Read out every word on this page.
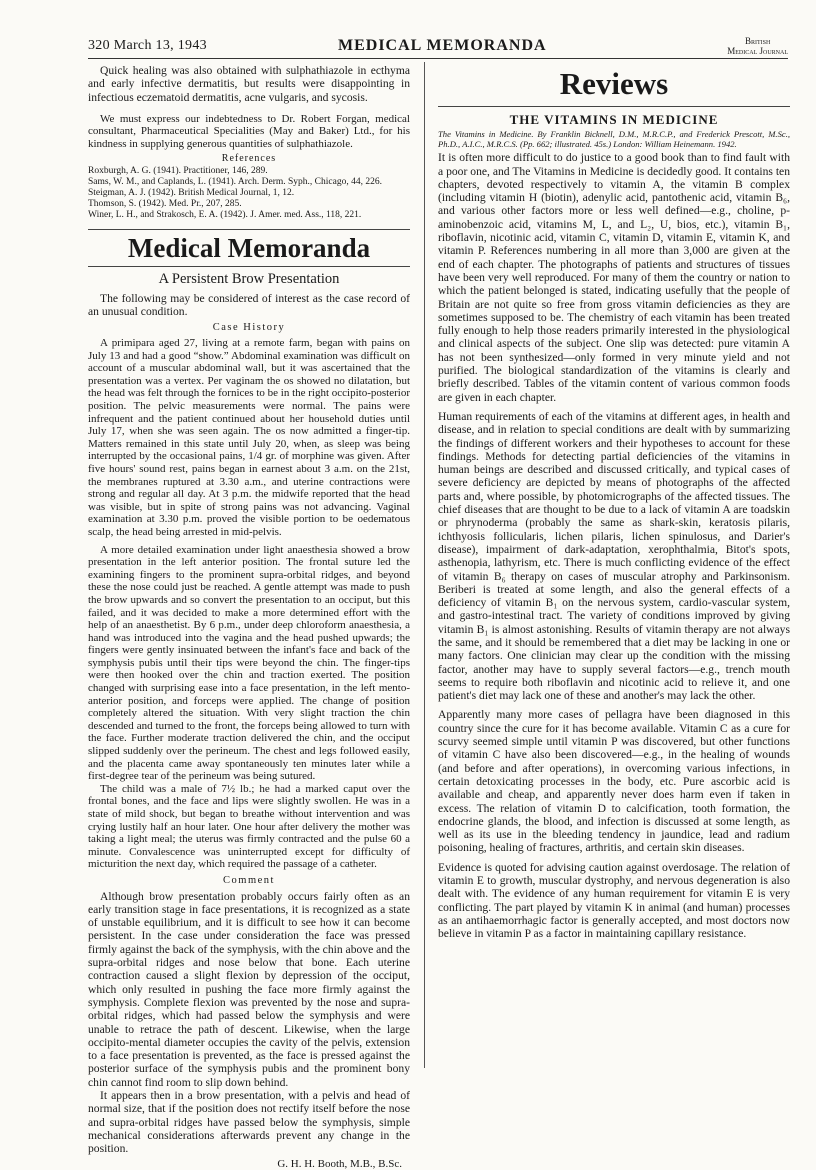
320 March 13, 1943	MEDICAL MEMORANDA	British
Medical Journal

Quick healing was also obtained with sulphathiazole in ecthyma and early infective dermatitis, but results were disappointing in infectious eczematoid dermatitis, acne vulgaris, and sycosis.

We must express our indebtedness to Dr. Robert Forgan, medical consultant, Pharmaceutical Specialities (May and Baker) Ltd., for his kindness in supplying generous quantities of sulphathiazole.

References
Roxburgh, A. G. (1941). Practitioner, 146, 289.
Sams, W. M., and Caplands, L. (1941). Arch. Derm. Syph., Chicago, 44, 226.
Steigman, A. J. (1942). British Medical Journal, 1, 12.
Thomson, S. (1942). Med. Pr., 207, 285.
Winer, L. H., and Strakosch, E. A. (1942). J. Amer. med. Ass., 118, 221.
Medical Memoranda
A Persistent Brow Presentation

The following may be considered of interest as the case record of an unusual condition.

Case History

A primipara aged 27, living at a remote farm, began with pains on July 13 and had a good “show.” Abdominal examination was difficult on account of a muscular abdominal wall, but it was ascertained that the presentation was a vertex. Per vaginam the os showed no dilatation, but the head was felt through the fornices to be in the right occipito-posterior position. The pelvic measurements were normal. The pains were infrequent and the patient continued about her household duties until July 17, when she was seen again. The os now admitted a finger-tip. Matters remained in this state until July 20, when, as sleep was being interrupted by the occasional pains, 1/4 gr. of morphine was given. After five hours' sound rest, pains began in earnest about 3 a.m. on the 21st, the membranes ruptured at 3.30 a.m., and uterine contractions were strong and regular all day. At 3 p.m. the midwife reported that the head was visible, but in spite of strong pains was not advancing. Vaginal examination at 3.30 p.m. proved the visible portion to be oedematous scalp, the head being arrested in mid-pelvis.

A more detailed examination under light anaesthesia showed a brow presentation in the left anterior position. The frontal suture led the examining fingers to the prominent supra-orbital ridges, and beyond these the nose could just be reached. A gentle attempt was made to push the brow upwards and so convert the presentation to an occiput, but this failed, and it was decided to make a more determined effort with the help of an anaesthetist. By 6 p.m., under deep chloroform anaesthesia, a hand was introduced into the vagina and the head pushed upwards; the fingers were gently insinuated between the infant's face and back of the symphysis pubis until their tips were beyond the chin. The finger-tips were then hooked over the chin and traction exerted. The position changed with surprising ease into a face presentation, in the left mento-anterior position, and forceps were applied. The change of position completely altered the situation. With very slight traction the chin descended and turned to the front, the forceps being allowed to turn with the face. Further moderate traction delivered the chin, and the occiput slipped suddenly over the perineum. The chest and legs followed easily, and the placenta came away spontaneously ten minutes later while a first-degree tear of the perineum was being sutured.

The child was a male of 7½ lb.; he had a marked caput over the frontal bones, and the face and lips were slightly swollen. He was in a state of mild shock, but began to breathe without intervention and was crying lustily half an hour later. One hour after delivery the mother was taking a light meal; the uterus was firmly contracted and the pulse 60 a minute. Convalescence was uninterrupted except for difficulty of micturition the next day, which required the passage of a catheter.

Comment

Although brow presentation probably occurs fairly often as an early transition stage in face presentations, it is recognized as a state of unstable equilibrium, and it is difficult to see how it can become persistent. In the case under consideration the face was pressed firmly against the back of the symphysis, with the chin above and the supra-orbital ridges and nose below that bone. Each uterine contraction caused a slight flexion by depression of the occiput, which only resulted in pushing the face more firmly against the symphysis. Complete flexion was prevented by the nose and supra-orbital ridges, which had passed below the symphysis and were unable to retrace the path of descent. Likewise, when the large occipito-mental diameter occupies the cavity of the pelvis, extension to a face presentation is prevented, as the face is pressed against the posterior surface of the symphysis pubis and the prominent bony chin cannot find room to slip down behind.

It appears then in a brow presentation, with a pelvis and head of normal size, that if the position does not rectify itself before the nose and supra-orbital ridges have passed below the symphysis, simple mechanical considerations afterwards prevent any change in the position.

G. H. H. Booth, M.B., B.Sc.
Reviews
THE VITAMINS IN MEDICINE

The Vitamins in Medicine. By Franklin Bicknell, D.M., M.R.C.P., and Frederick Prescott, M.Sc., Ph.D., A.I.C., M.R.C.S. (Pp. 662; illustrated. 45s.) London: William Heinemann. 1942.

It is often more difficult to do justice to a good book than to find fault with a poor one, and The Vitamins in Medicine is decidedly good. It contains ten chapters, devoted respectively to vitamin A, the vitamin B complex (including vitamin H (biotin), adenylic acid, pantothenic acid, vitamin B₆, and various other factors more or less well defined—e.g., choline, p-aminobenzoic acid, vitamins M, L, and L₂, U, bios, etc.), vitamin B₁, riboflavin, nicotinic acid, vitamin C, vitamin D, vitamin E, vitamin K, and vitamin P. References numbering in all more than 3,000 are given at the end of each chapter. The photographs of patients and structures of tissues have been very well reproduced. For many of them the country or nation to which the patient belonged is stated, indicating usefully that the people of Britain are not quite so free from gross vitamin deficiencies as they are sometimes supposed to be. The chemistry of each vitamin has been treated fully enough to help those readers primarily interested in the physiological and clinical aspects of the subject. One slip was detected: pure vitamin A has not been synthesized—only formed in very minute yield and not purified. The biological standardization of the vitamins is clearly and briefly described. Tables of the vitamin content of various common foods are given in each chapter.

Human requirements of each of the vitamins at different ages, in health and disease, and in relation to special conditions are dealt with by summarizing the findings of different workers and their hypotheses to account for these findings. Methods for detecting partial deficiencies of the vitamins in human beings are described and discussed critically, and typical cases of severe deficiency are depicted by means of photographs of the affected parts and, where possible, by photomicrographs of the affected tissues. The chief diseases that are thought to be due to a lack of vitamin A are toadskin or phrynoderma (probably the same as shark-skin, keratosis pilaris, ichthyosis follicularis, lichen pilaris, lichen spinulosus, and Darier's disease), impairment of dark-adaptation, xerophthalmia, Bitot's spots, asthenopia, lathyrism, etc. There is much conflicting evidence of the effect of vitamin B₆ therapy on cases of muscular atrophy and Parkinsonism. Beriberi is treated at some length, and also the general effects of a deficiency of vitamin B₁ on the nervous system, cardio-vascular system, and gastro-intestinal tract. The variety of conditions improved by giving vitamin B₁ is almost astonishing. Results of vitamin therapy are not always the same, and it should be remembered that a diet may be lacking in one or many factors. One clinician may clear up the condition with the missing factor, another may have to supply several factors—e.g., trench mouth seems to require both riboflavin and nicotinic acid to relieve it, and one patient's diet may lack one of these and another's may lack the other.

Apparently many more cases of pellagra have been diagnosed in this country since the cure for it has become available. Vitamin C as a cure for scurvy seemed simple until vitamin P was discovered, but other functions of vitamin C have also been discovered—e.g., in the healing of wounds (and before and after operations), in overcoming various infections, in certain detoxicating processes in the body, etc. Pure ascorbic acid is available and cheap, and apparently never does harm even if taken in excess. The relation of vitamin D to calcification, tooth formation, the endocrine glands, the blood, and infection is discussed at some length, as well as its use in the bleeding tendency in jaundice, lead and radium poisoning, healing of fractures, arthritis, and certain skin diseases.

Evidence is quoted for advising caution against overdosage. The relation of vitamin E to growth, muscular dystrophy, and nervous degeneration is also dealt with. The evidence of any human requirement for vitamin E is very conflicting. The part played by vitamin K in animal (and human) processes as an antihaemorrhagic factor is generally accepted, and most doctors now believe in vitamin P as a factor in maintaining capillary resistance.
